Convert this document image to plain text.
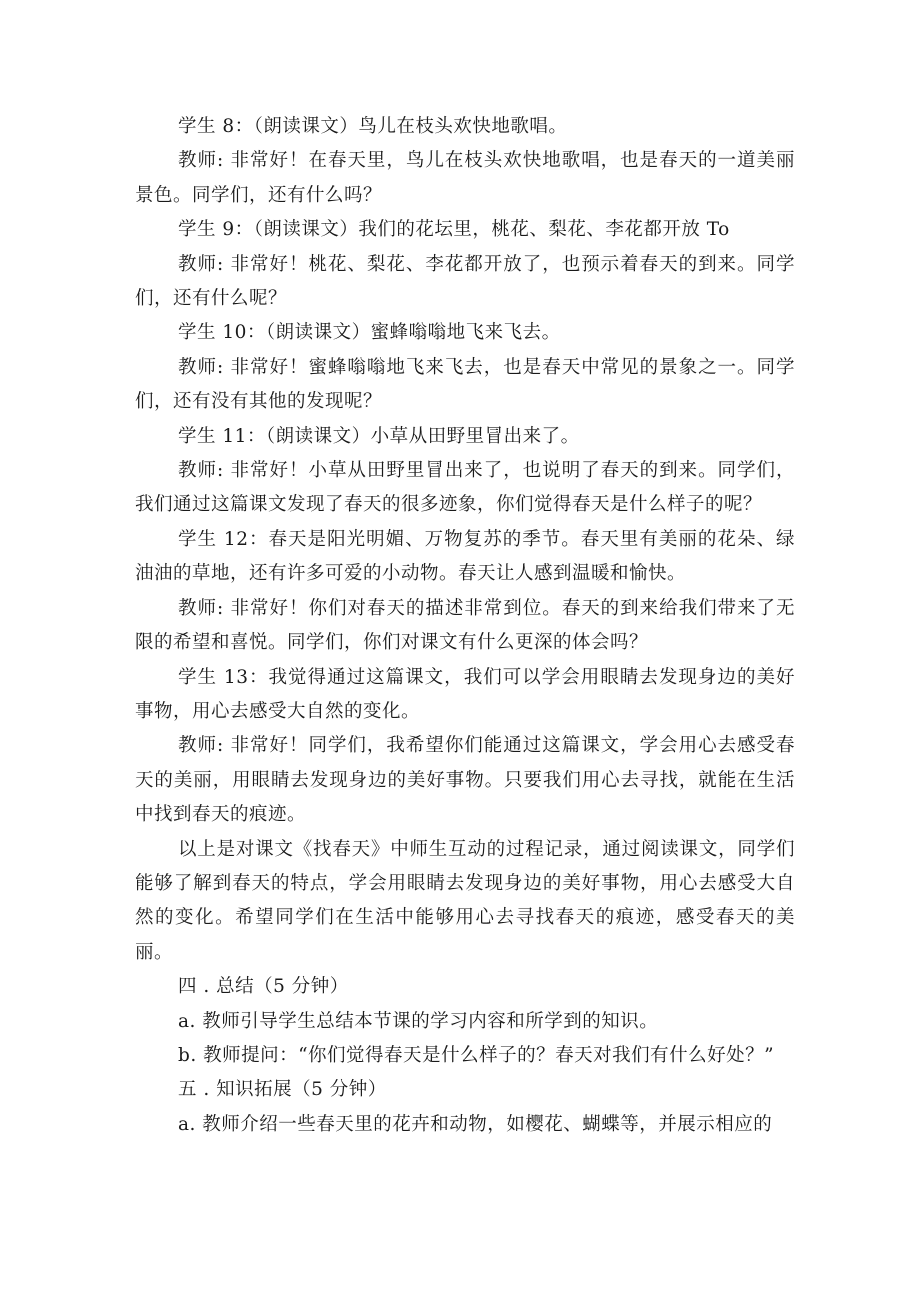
学生 8：（朗读课文）鸟儿在枝头欢快地歌唱。

教师: 非常好！在春天里，鸟儿在枝头欢快地歌唱，也是春天的一道美丽景色。同学们，还有什么吗？

学生 9：（朗读课文）我们的花坛里，桃花、梨花、李花都开放 To

教师: 非常好！桃花、梨花、李花都开放了，也预示着春天的到来。同学们，还有什么呢？

学生 10：（朗读课文）蜜蜂嗡嗡地飞来飞去。

教师: 非常好！蜜蜂嗡嗡地飞来飞去，也是春天中常见的景象之一。同学们，还有没有其他的发现呢？

学生 11：（朗读课文）小草从田野里冒出来了。

教师: 非常好！小草从田野里冒出来了，也说明了春天的到来。同学们，我们通过这篇课文发现了春天的很多迹象，你们觉得春天是什么样子的呢？

学生 12：春天是阳光明媚、万物复苏的季节。春天里有美丽的花朵、绿油油的草地，还有许多可爱的小动物。春天让人感到温暖和愉快。

教师: 非常好！你们对春天的描述非常到位。春天的到来给我们带来了无限的希望和喜悦。同学们，你们对课文有什么更深的体会吗？

学生 13：我觉得通过这篇课文，我们可以学会用眼睛去发现身边的美好事物，用心去感受大自然的变化。

教师: 非常好！同学们，我希望你们能通过这篇课文，学会用心去感受春天的美丽，用眼睛去发现身边的美好事物。只要我们用心去寻找，就能在生活中找到春天的痕迹。

以上是对课文《找春天》中师生互动的过程记录，通过阅读课文，同学们能够了解到春天的特点，学会用眼睛去发现身边的美好事物，用心去感受大自然的变化。希望同学们在生活中能够用心去寻找春天的痕迹，感受春天的美丽。

四 . 总结（5 分钟）

a. 教师引导学生总结本节课的学习内容和所学到的知识。

b. 教师提问：“你们觉得春天是什么样子的？春天对我们有什么好处？”

五 . 知识拓展（5 分钟）

a. 教师介绍一些春天里的花卉和动物，如樱花、蝴蝶等，并展示相应的
